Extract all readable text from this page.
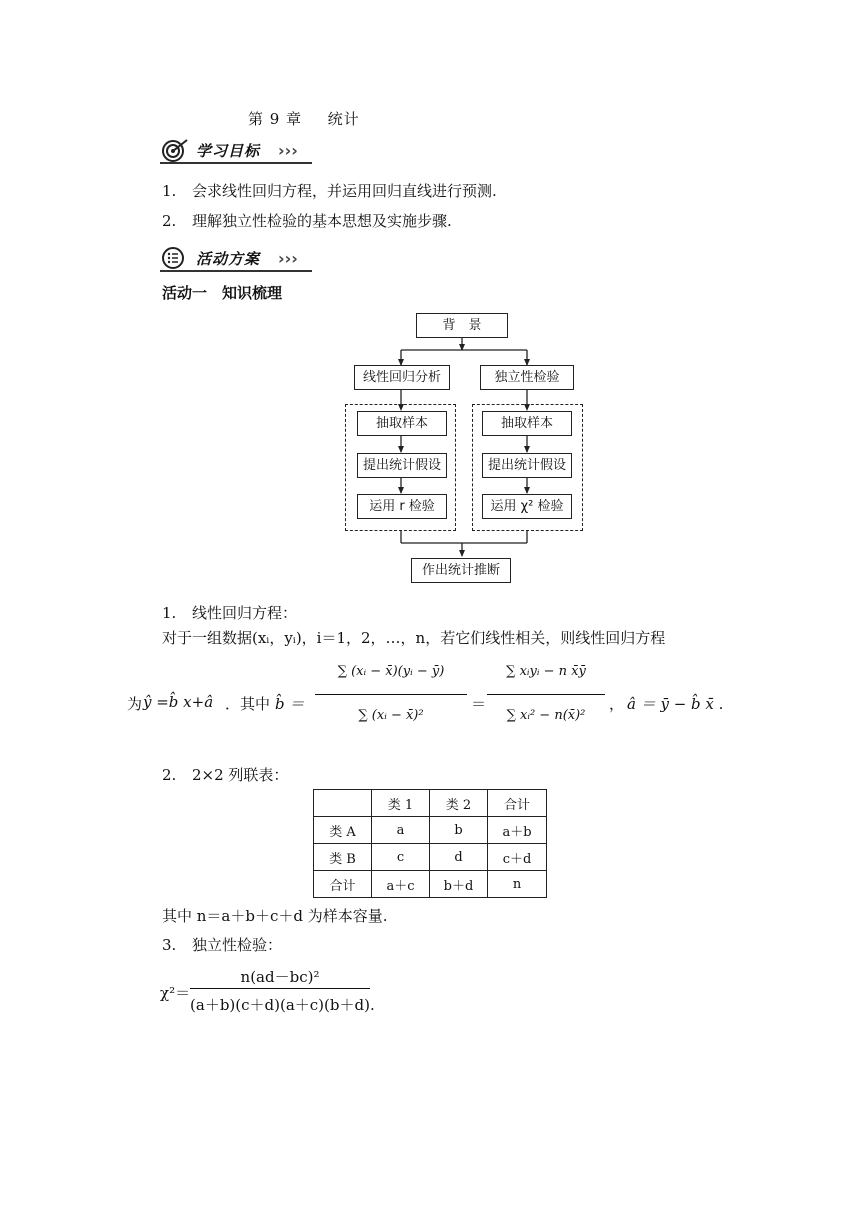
第 9 章 统计
学习目标 ›››
1. 会求线性回归方程，并运用回归直线进行预测.
2. 理解独立性检验的基本思想及实施步骤.
活动方案 ›››
活动一　知识梳理
背　景
线性回归分析	独立性检验
抽取样本
提出统计假设
运用 r 检验
抽取样本
提出统计假设
运用 χ² 检验
作出统计推断
1. 线性回归方程：
对于一组数据(xᵢ，yᵢ)，i＝1，2，…，n，若它们线性相关，则线性回归方程
为 ŷ =b̂ x+â ．其中 b̂ ＝
∑ (xᵢ − x̄)(yᵢ − ȳ)
∑ (xᵢ − x̄)²
＝
∑ xᵢyᵢ − n x̄ȳ
∑ xᵢ² − n(x̄)²
， â ＝ ȳ − b̂ x̄ .
2. 2×2 列联表：
	类 1	类 2	合计
类 A	a	b	a＋b
类 B	c	d	c＋d
合计	a＋c	b＋d	n
其中 n＝a＋b＋c＋d 为样本容量.
3. 独立性检验：
χ²＝
n(ad－bc)²
(a＋b)(c＋d)(a＋c)(b＋d) .
